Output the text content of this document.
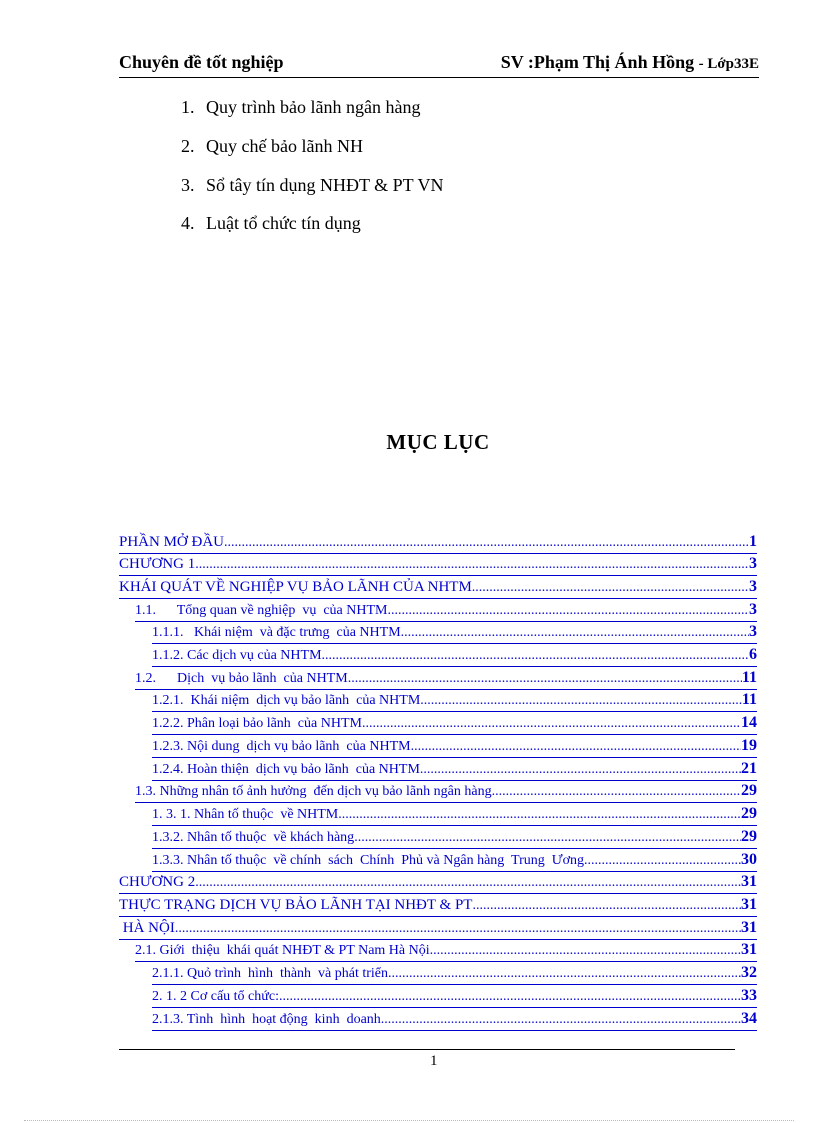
Chuyên đề tốt nghiệp	SV :Phạm Thị Ánh Hồng - Lớp33E
1. Quy trình bảo lãnh ngân hàng
2. Quy chế bảo lãnh NH
3. Sổ tây tín dụng NHĐT & PT VN
4. Luật tổ chức tín dụng
MỤC LỤC
PHẦN MỞ ĐẦU .....	1
CHƯƠNG 1 .....	3
KHÁI QUÁT VỀ NGHIỆP VỤ BẢO LÃNH CỦA NHTM .....	3
1.1.      Tổng quan về nghiệp  vụ  của NHTM .....	3
1.1.1.   Khái niệm  và đặc trưng  của NHTM .....	3
1.1.2. Các dịch vụ của NHTM .....	6
1.2.      Dịch  vụ bảo lãnh  của NHTM .....	11
1.2.1.  Khái niệm  dịch vụ bảo lãnh  của NHTM .....	11
1.2.2. Phân loại bảo lãnh  của NHTM .....	14
1.2.3. Nội dung  dịch vụ bảo lãnh  của NHTM .....	19
1.2.4. Hoàn thiện  dịch vụ bảo lãnh  của NHTM .....	21
1.3. Những nhân tố ảnh hưởng  đến dịch vụ bảo lãnh ngân hàng. .....	29
1. 3. 1. Nhân tố thuộc  về NHTM .....	29
1.3.2. Nhân tố thuộc  về khách hàng .....	29
1.3.3. Nhân tố thuộc  về chính  sách  Chính  Phủ và Ngân hàng  Trung  Ương .....	30
CHƯƠNG 2 .....	31
THỰC TRẠNG DỊCH VỤ BẢO LÃNH TẠI NHĐT & PT .....	31
HÀ NỘI .....	31
2.1. Giới  thiệu  khái quát NHĐT & PT Nam Hà Nội .....	31
2.1.1. Quỏ trình  hình  thành  và phát triển .....	32
2. 1. 2 Cơ cấu tổ chức: .....	33
2.1.3. Tình  hình  hoạt động  kinh  doanh .....	34
1
